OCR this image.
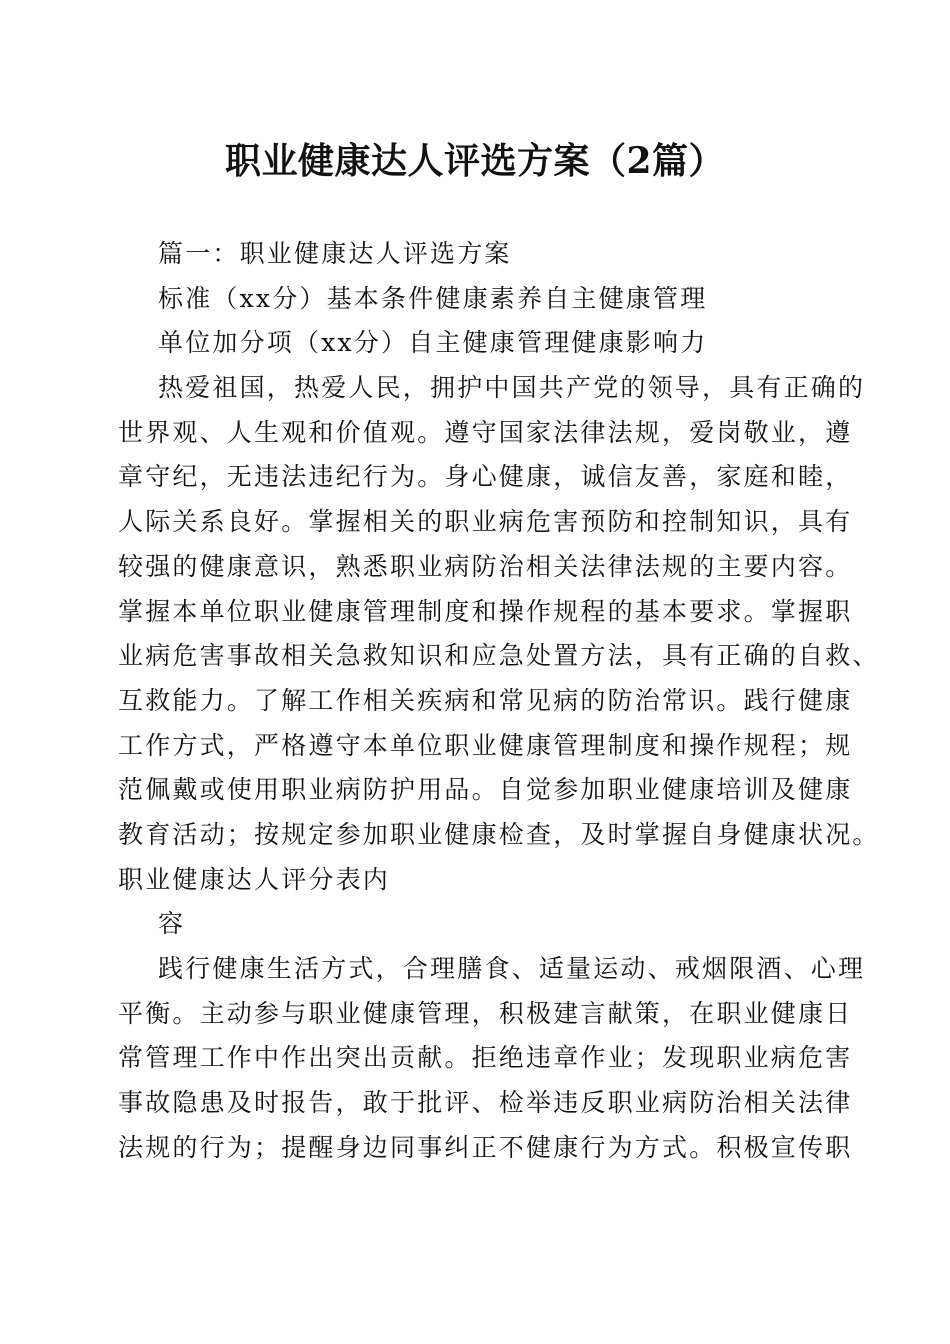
职业健康达人评选方案（2篇）
篇一：职业健康达人评选方案
标准（xx分）基本条件健康素养自主健康管理
单位加分项（xx分）自主健康管理健康影响力
热爱祖国，热爱人民，拥护中国共产党的领导，具有正确的
世界观、人生观和价值观。遵守国家法律法规，爱岗敬业，遵
章守纪，无违法违纪行为。身心健康，诚信友善，家庭和睦，
人际关系良好。掌握相关的职业病危害预防和控制知识，具有
较强的健康意识，熟悉职业病防治相关法律法规的主要内容。
掌握本单位职业健康管理制度和操作规程的基本要求。掌握职
业病危害事故相关急救知识和应急处置方法，具有正确的自救、
互救能力。了解工作相关疾病和常见病的防治常识。践行健康
工作方式，严格遵守本单位职业健康管理制度和操作规程；规
范佩戴或使用职业病防护用品。自觉参加职业健康培训及健康
教育活动；按规定参加职业健康检查，及时掌握自身健康状况。
职业健康达人评分表内
容
践行健康生活方式，合理膳食、适量运动、戒烟限酒、心理
平衡。主动参与职业健康管理，积极建言献策，在职业健康日
常管理工作中作出突出贡献。拒绝违章作业；发现职业病危害
事故隐患及时报告，敢于批评、检举违反职业病防治相关法律
法规的行为；提醒身边同事纠正不健康行为方式。积极宣传职
